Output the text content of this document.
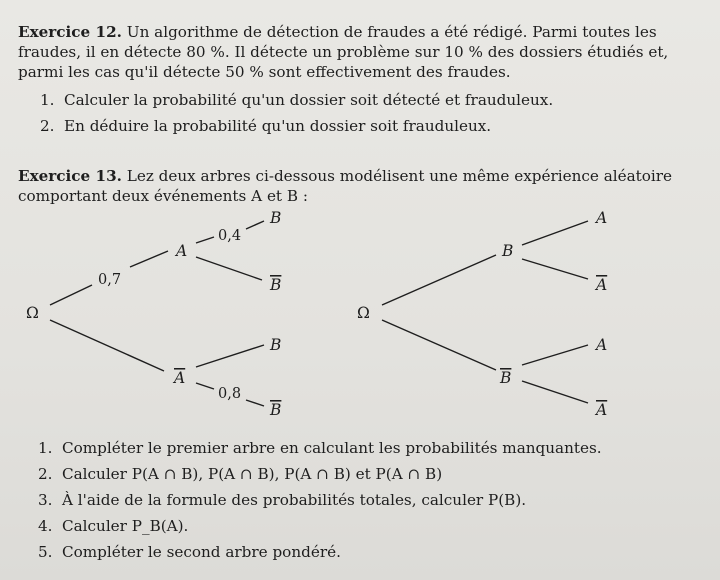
Exercice 12. Un algorithme de détection de fraudes a été rédigé. Parmi toutes les fraudes, il en détecte 80 %. Il détecte un problème sur 10 % des dossiers étudiés et, parmi les cas qu'il détecte 50 % sont effectivement des fraudes.
1. Calculer la probabilité qu'un dossier soit détecté et frauduleux.
2. En déduire la probabilité qu'un dossier soit frauduleux.
Exercice 13. Lez deux arbres ci-dessous modélisent une même expérience aléatoire comportant deux événements A et B :
Ω
A
A
B
B
B
B
0,7
0,4
0,8
Ω
B
B
A
A
A
A
1. Compléter le premier arbre en calculant les probabilités manquantes.
2. Calculer P(A ∩ B), P(A ∩ B), P(A ∩ B) et P(A ∩ B)
3. À l'aide de la formule des probabilités totales, calculer P(B).
4. Calculer P_B(A).
5. Compléter le second arbre pondéré.
